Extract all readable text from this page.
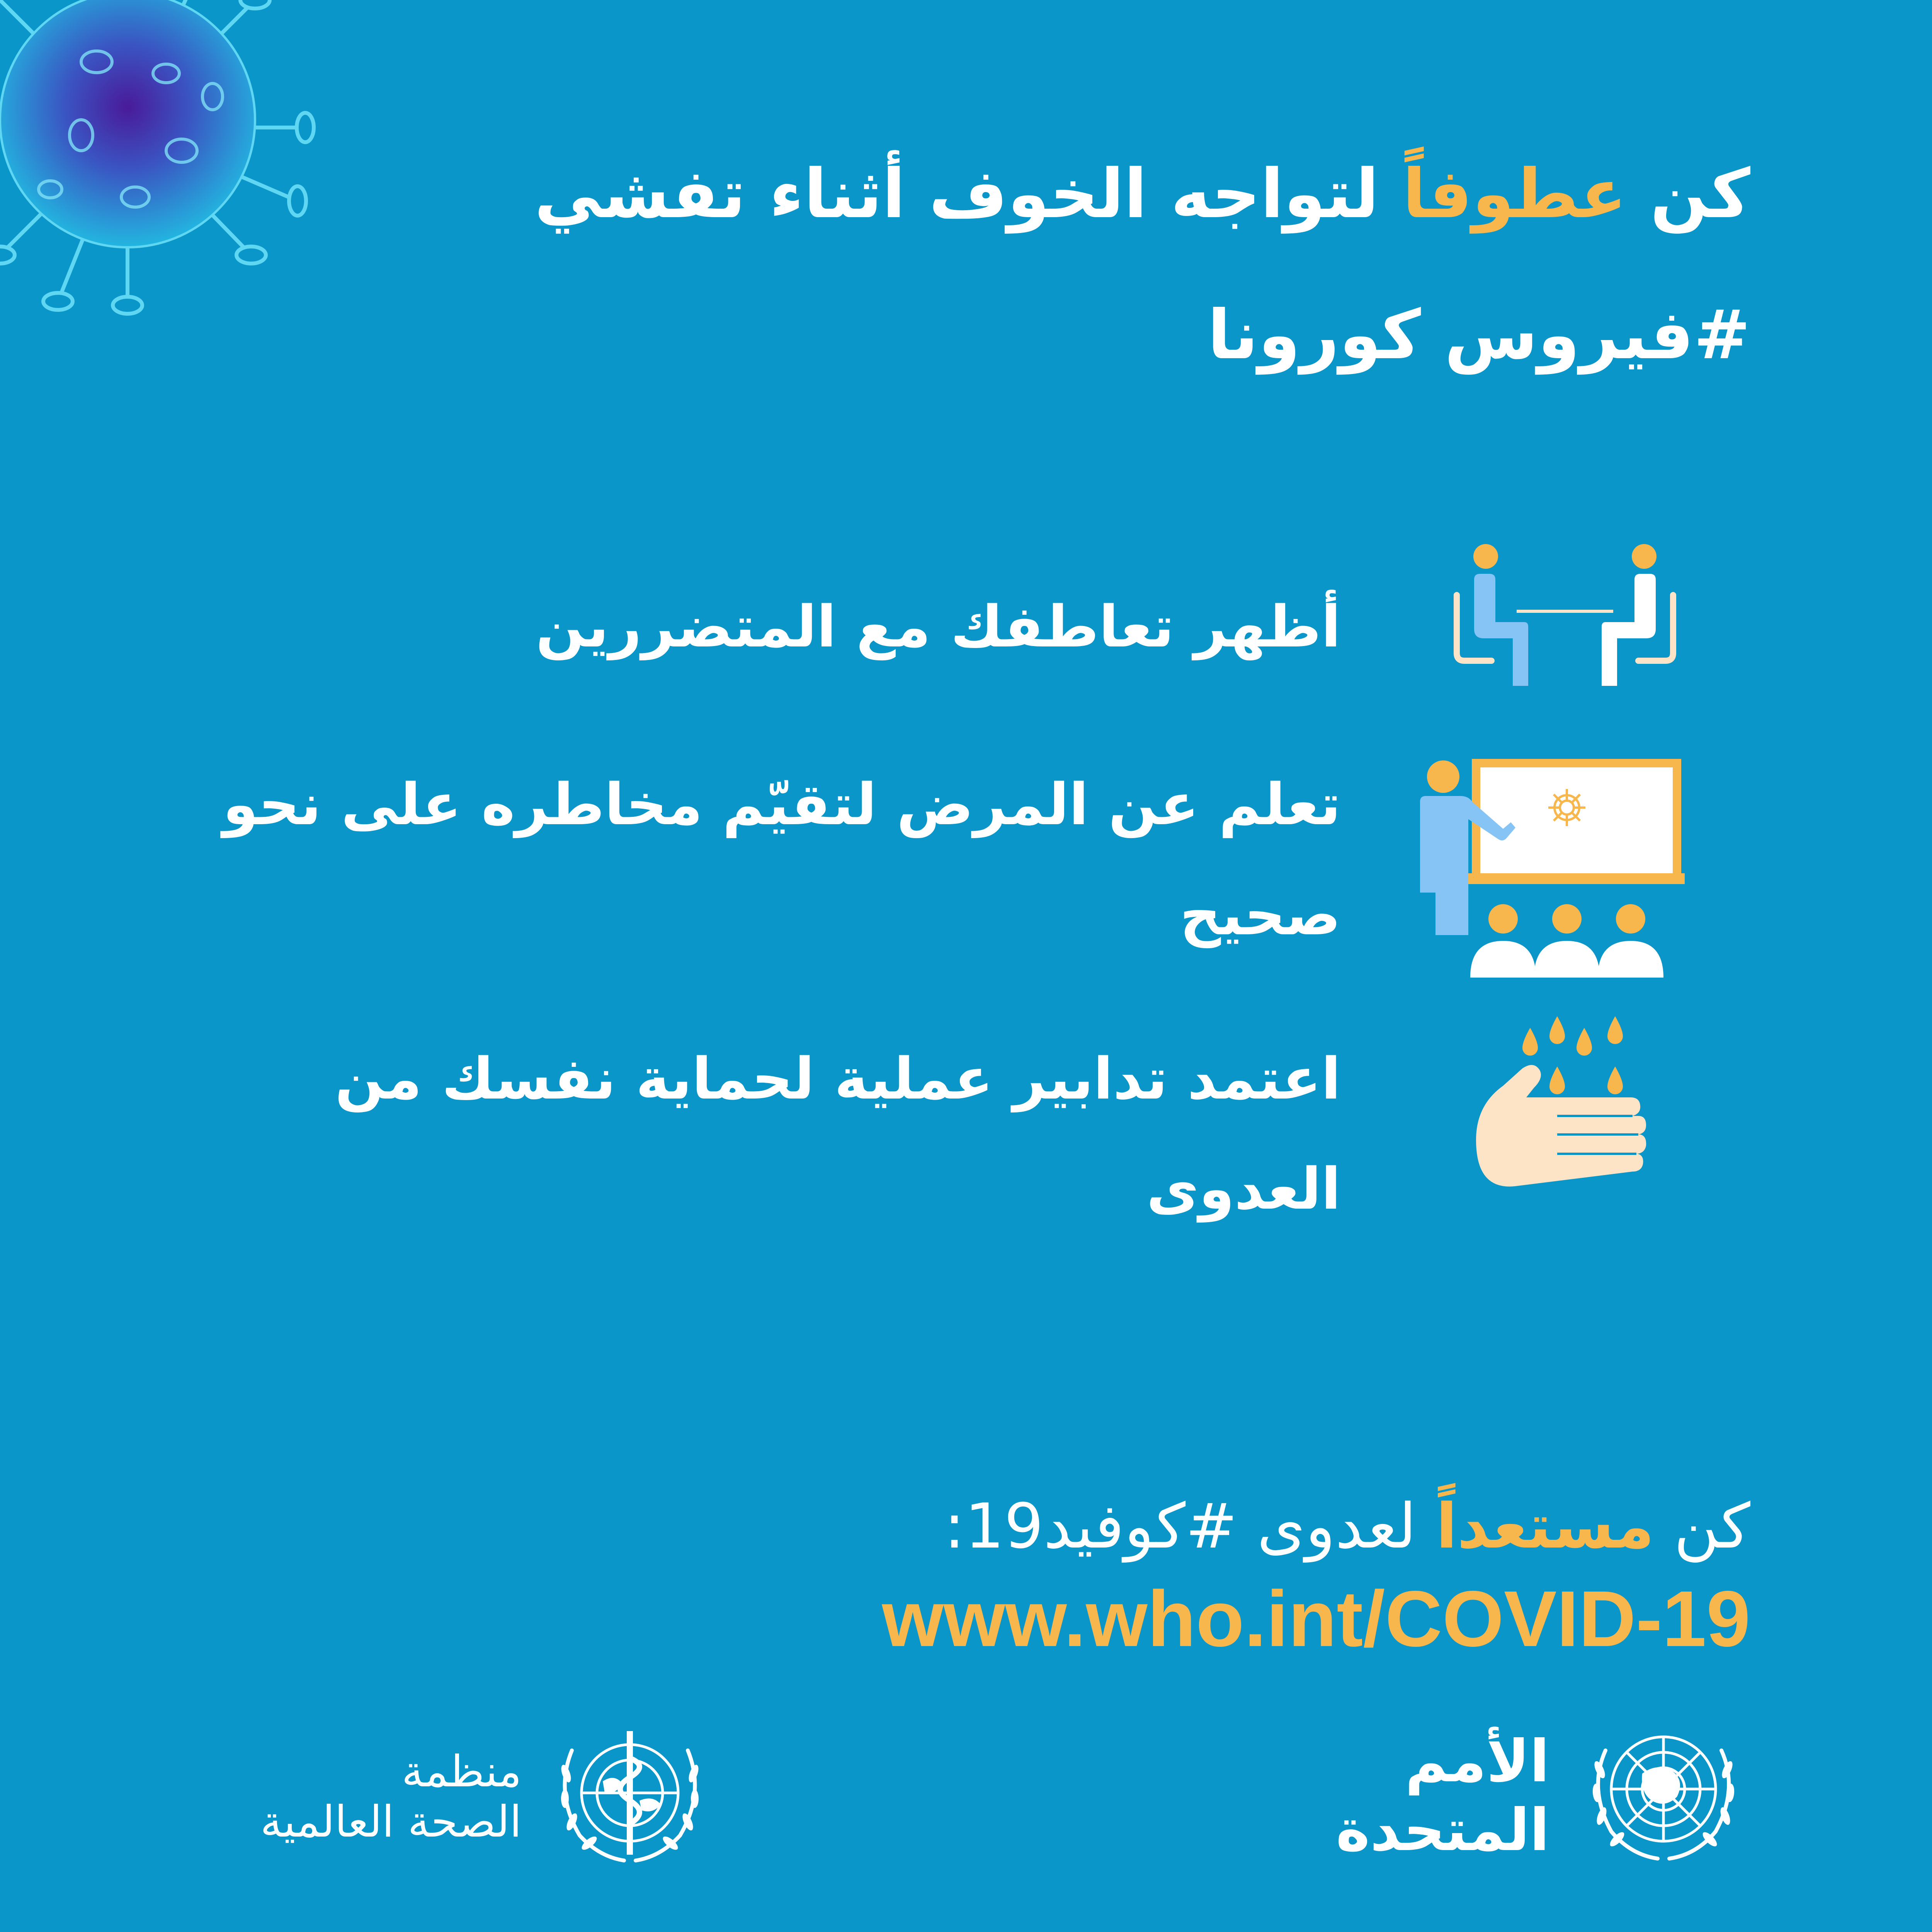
كن عطوفاً لتواجه الخوف أثناء تفشي
#فيروس كورونا
أظهر تعاطفك مع المتضررين
تعلم عن المرض لتقيّم مخاطره على نحو صحيح
اعتمد تدابير عملية لحماية نفسك من العدوى
كن مستعداً لعدوى #كوفيد19:
www.who.int/COVID-19
الأمم
المتحدة
منظمة
الصحة العالمية
